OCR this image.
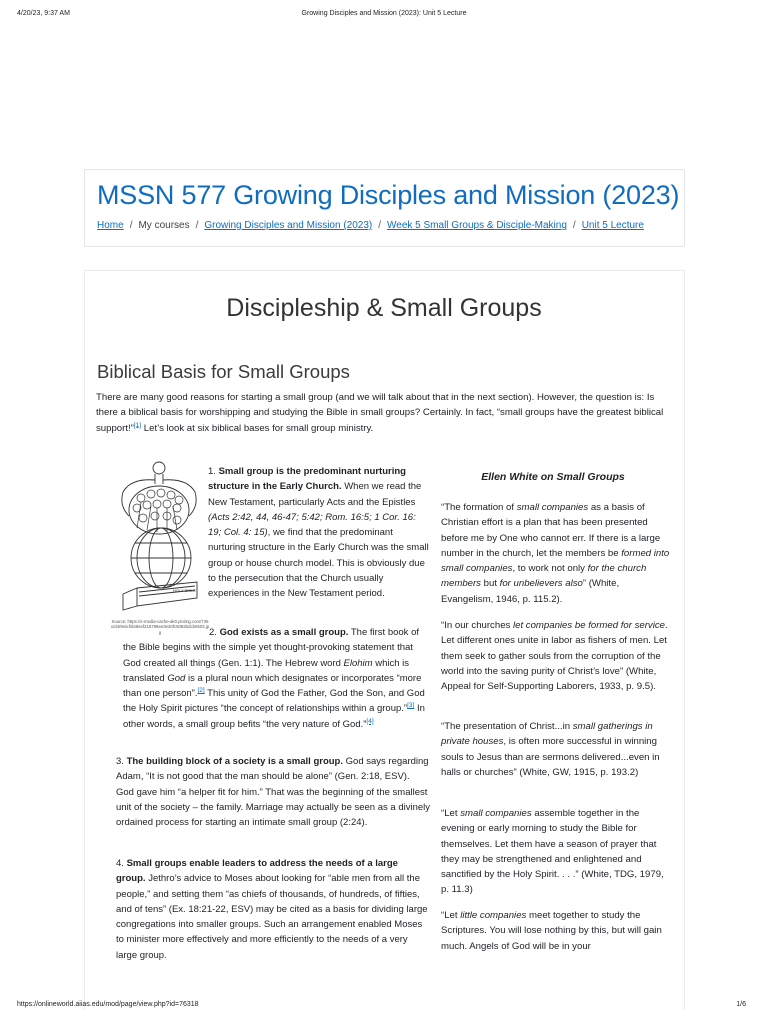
4/20/23, 9:37 AM	Growing Disciples and Mission (2023): Unit 5 Lecture
MSSN 577 Growing Disciples and Mission (2023)
Home / My courses / Growing Disciples and Mission (2023) / Week 5 Small Groups & Disciple-Making / Unit 5 Lecture
Discipleship & Small Groups
Biblical Basis for Small Groups

There are many good reasons for starting a small group (and we will talk about that in the next section). However, the question is: Is there a biblical basis for worshipping and studying the Bible in small groups? Certainly. In fact, “small groups have the greatest biblical support!”[1] Let’s look at six biblical bases for small group ministry.

HOLY BIBLE
Source: https://s-media-cache-ak0.pinimg.com/736x/d4/9e/ef/d49eef216799ee3e20fc5082bdcb0503.jpg
1. Small group is the predominant nurturing structure in the Early Church. When we read the New Testament, particularly Acts and the Epistles (Acts 2:42, 44, 46-47; 5:42; Rom. 16:5; 1 Cor. 16: 19; Col. 4: 15), we find that the predominant nurturing structure in the Early Church was the small group or house church model. This is obviously due to the persecution that the Church usually experiences in the New Testament period.
2. God exists as a small group. The first book of the Bible begins with the simple yet thought-provoking statement that God created all things (Gen. 1:1). The Hebrew word Elohim which is translated God is a plural noun which designates or incorporates “more than one person”.[2] This unity of God the Father, God the Son, and God the Holy Spirit pictures “the concept of relationships within a group.”[3] In other words, a small group befits “the very nature of God.”[4]
3. The building block of a society is a small group. God says regarding Adam, “It is not good that the man should be alone” (Gen. 2:18, ESV). God gave him “a helper fit for him.” That was the beginning of the smallest unit of the society – the family. Marriage may actually be seen as a divinely ordained process for starting an intimate small group (2:24).
4. Small groups enable leaders to address the needs of a large group. Jethro’s advice to Moses about looking for “able men from all the people,” and setting them “as chiefs of thousands, of hundreds, of fifties, and of tens” (Ex. 18:21-22, ESV) may be cited as a basis for dividing large congregations into smaller groups. Such an arrangement enabled Moses to minister more effectively and more efficiently to the needs of a very large group.
Ellen White on Small Groups

“The formation of small companies as a basis of Christian effort is a plan that has been presented before me by One who cannot err. If there is a large number in the church, let the members be formed into small companies, to work not only for the church members but for unbelievers also” (White, Evangelism, 1946, p. 115.2).

“In our churches let companies be formed for service. Let different ones unite in labor as fishers of men. Let them seek to gather souls from the corruption of the world into the saving purity of Christ’s love” (White, Appeal for Self-Supporting Laborers, 1933, p. 9.5).

“The presentation of Christ...in small gatherings in private houses, is often more successful in winning souls to Jesus than are sermons delivered...even in halls or churches” (White, GW, 1915, p. 193.2)

“Let small companies assemble together in the evening or early morning to study the Bible for themselves. Let them have a season of prayer that they may be strengthened and enlightened and sanctified by the Holy Spirit. . . .” (White, TDG, 1979, p. 11.3)

“Let little companies meet together to study the Scriptures. You will lose nothing by this, but will gain much. Angels of God will be in your

https://onlineworld.aiias.edu/mod/page/view.php?id=76318	1/6
